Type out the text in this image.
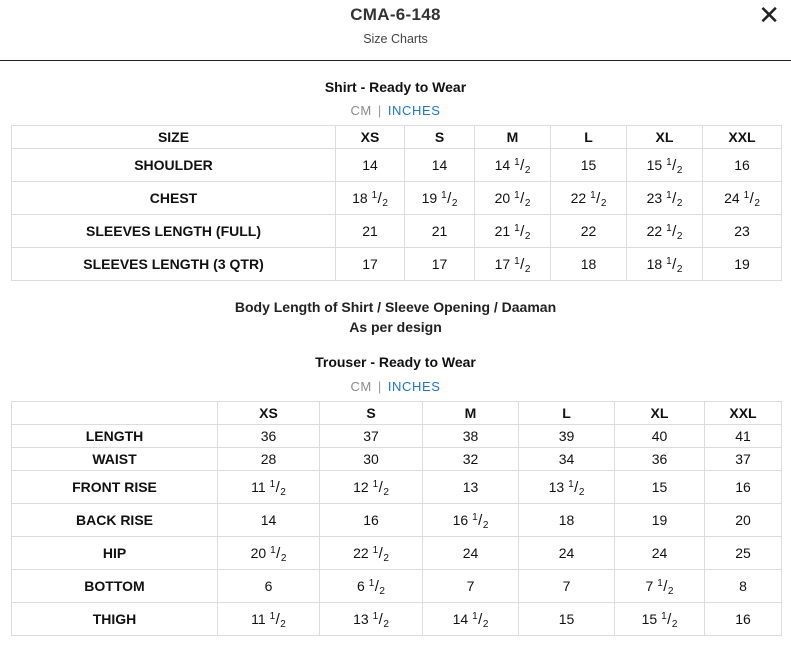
CMA-6-148
Size Charts
✕
Shirt - Ready to Wear
CM | INCHES
SIZE	XS	S	M	L	XL	XXL
SHOULDER	14	14	14 $^1/_2$	15	15 $^1/_2$	16
CHEST	18 $^1/_2$	19 $^1/_2$	20 $^1/_2$	22 $^1/_2$	23 $^1/_2$	24 $^1/_2$
SLEEVES LENGTH (FULL)	21	21	21 $^1/_2$	22	22 $^1/_2$	23
SLEEVES LENGTH (3 QTR)	17	17	17 $^1/_2$	18	18 $^1/_2$	19
Body Length of Shirt / Sleeve Opening / Daaman
As per design
Trouser - Ready to Wear
CM | INCHES
	XS	S	M	L	XL	XXL
LENGTH	36	37	38	39	40	41
WAIST	28	30	32	34	36	37
FRONT RISE	11 $^1/_2$	12 $^1/_2$	13	13 $^1/_2$	15	16
BACK RISE	14	16	16 $^1/_2$	18	19	20
HIP	20 $^1/_2$	22 $^1/_2$	24	24	24	25
BOTTOM	6	6 $^1/_2$	7	7	7 $^1/_2$	8
THIGH	11 $^1/_2$	13 $^1/_2$	14 $^1/_2$	15	15 $^1/_2$	16
